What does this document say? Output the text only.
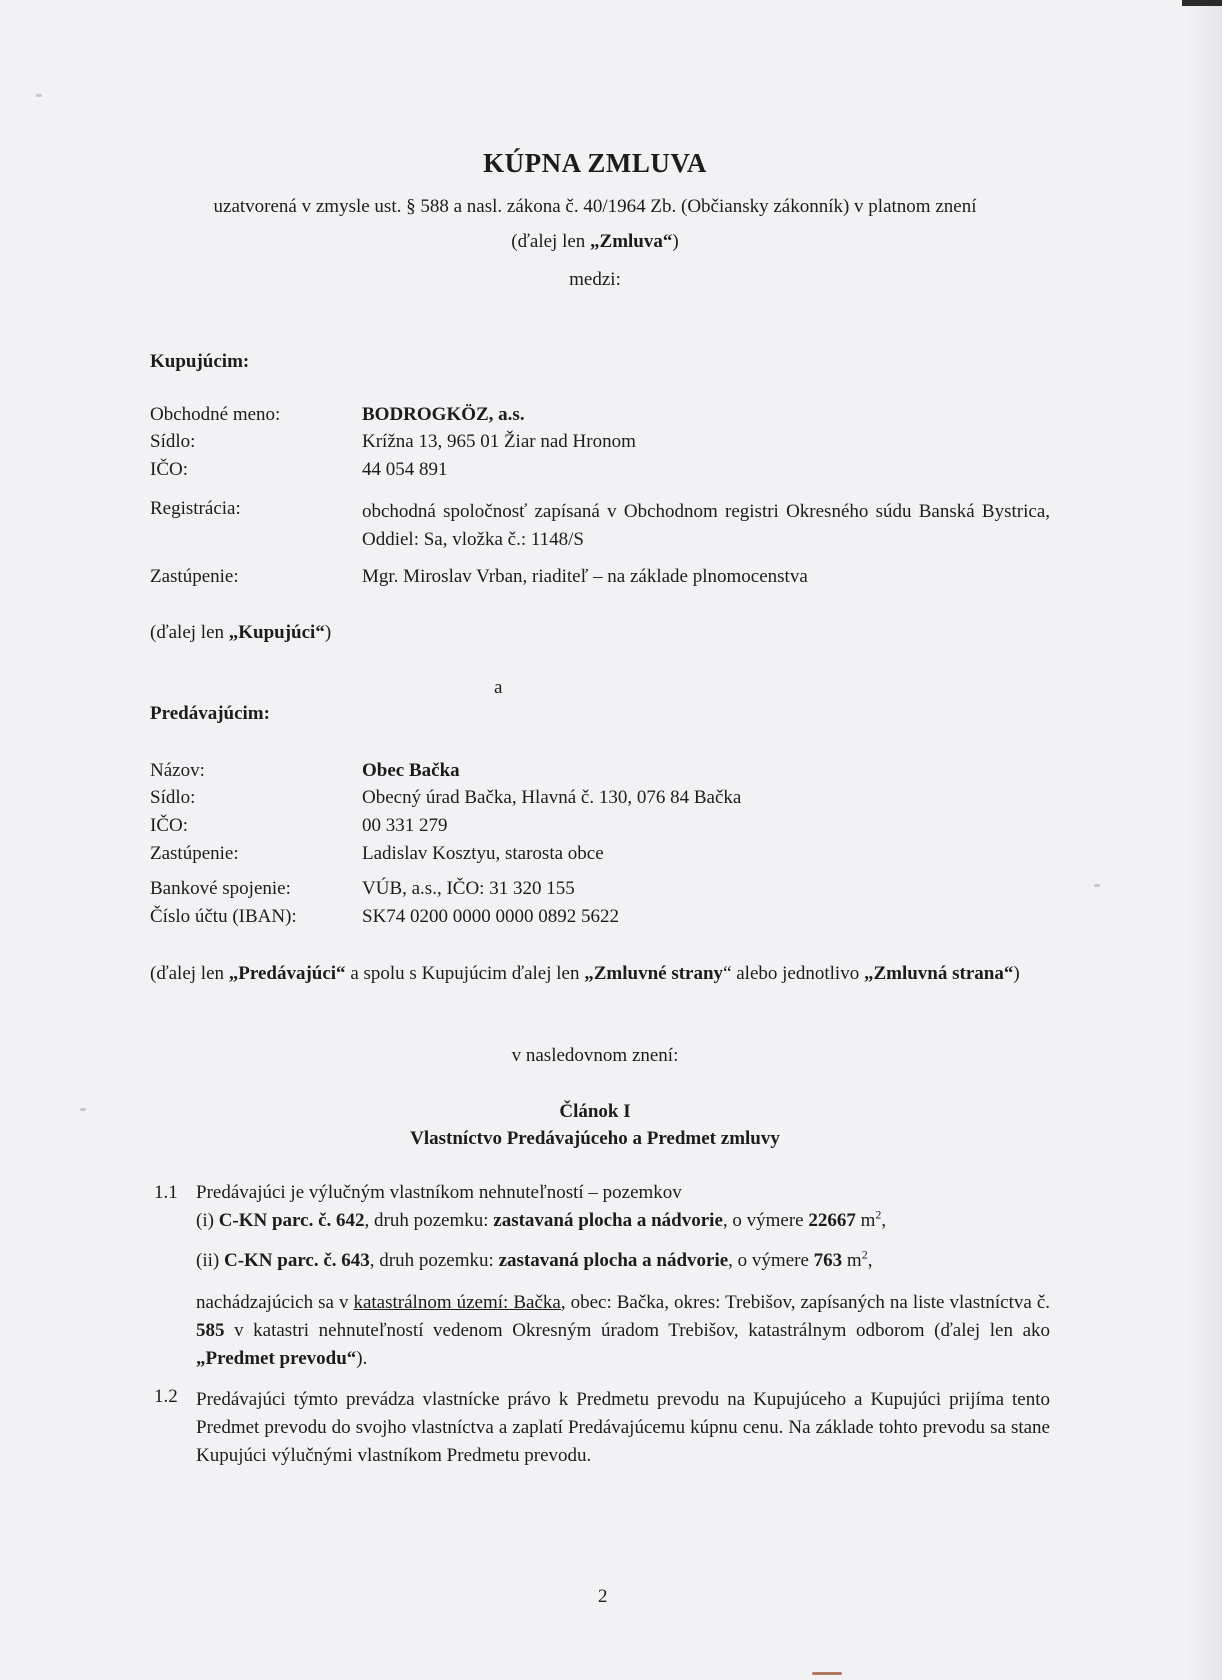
KÚPNA ZMLUVA
uzatvorená v zmysle ust. § 588 a nasl. zákona č. 40/1964 Zb. (Občiansky zákonník) v platnom znení
(ďalej len „Zmluva“)
medzi:
Kupujúcim:
Obchodné meno:	BODROGKÖZ, a.s.
Sídlo:	Krížna 13, 965 01 Žiar nad Hronom
IČO:	44 054 891
Registrácia:	obchodná spoločnosť zapísaná v Obchodnom registri Okresného súdu Banská Bystrica, Oddiel: Sa, vložka č.: 1148/S
Zastúpenie:	Mgr. Miroslav Vrban, riaditeľ – na základe plnomocenstva
(ďalej len „Kupujúci“)
a
Predávajúcim:
Názov:	Obec Bačka
Sídlo:	Obecný úrad Bačka, Hlavná č. 130, 076 84 Bačka
IČO:	00 331 279
Zastúpenie:	Ladislav Kosztyu, starosta obce
Bankové spojenie:	VÚB, a.s., IČO: 31 320 155
Číslo účtu (IBAN):	SK74 0200 0000 0000 0892 5622
(ďalej len „Predávajúci“ a spolu s Kupujúcim ďalej len „Zmluvné strany“ alebo jednotlivo „Zmluvná strana“)
v nasledovnom znení:
Článok I
Vlastníctvo Predávajúceho a Predmet zmluvy
1.1 Predávajúci je výlučným vlastníkom nehnuteľností – pozemkov
(i) C-KN parc. č. 642, druh pozemku: zastavaná plocha a nádvorie, o výmere 22667 $m^2$,
(ii) C-KN parc. č. 643, druh pozemku: zastavaná plocha a nádvorie, o výmere 763 $m^2$,
nachádzajúcich sa v katastrálnom území: Bačka, obec: Bačka, okres: Trebišov, zapísaných na liste vlastníctva č. 585 v katastri nehnuteľností vedenom Okresným úradom Trebišov, katastrálnym odborom (ďalej len ako „Predmet prevodu“).
1.2 Predávajúci týmto prevádza vlastnícke právo k Predmetu prevodu na Kupujúceho a Kupujúci prijíma tento Predmet prevodu do svojho vlastníctva a zaplatí Predávajúcemu kúpnu cenu. Na základe tohto prevodu sa stane Kupujúci výlučnými vlastníkom Predmetu prevodu.
2
